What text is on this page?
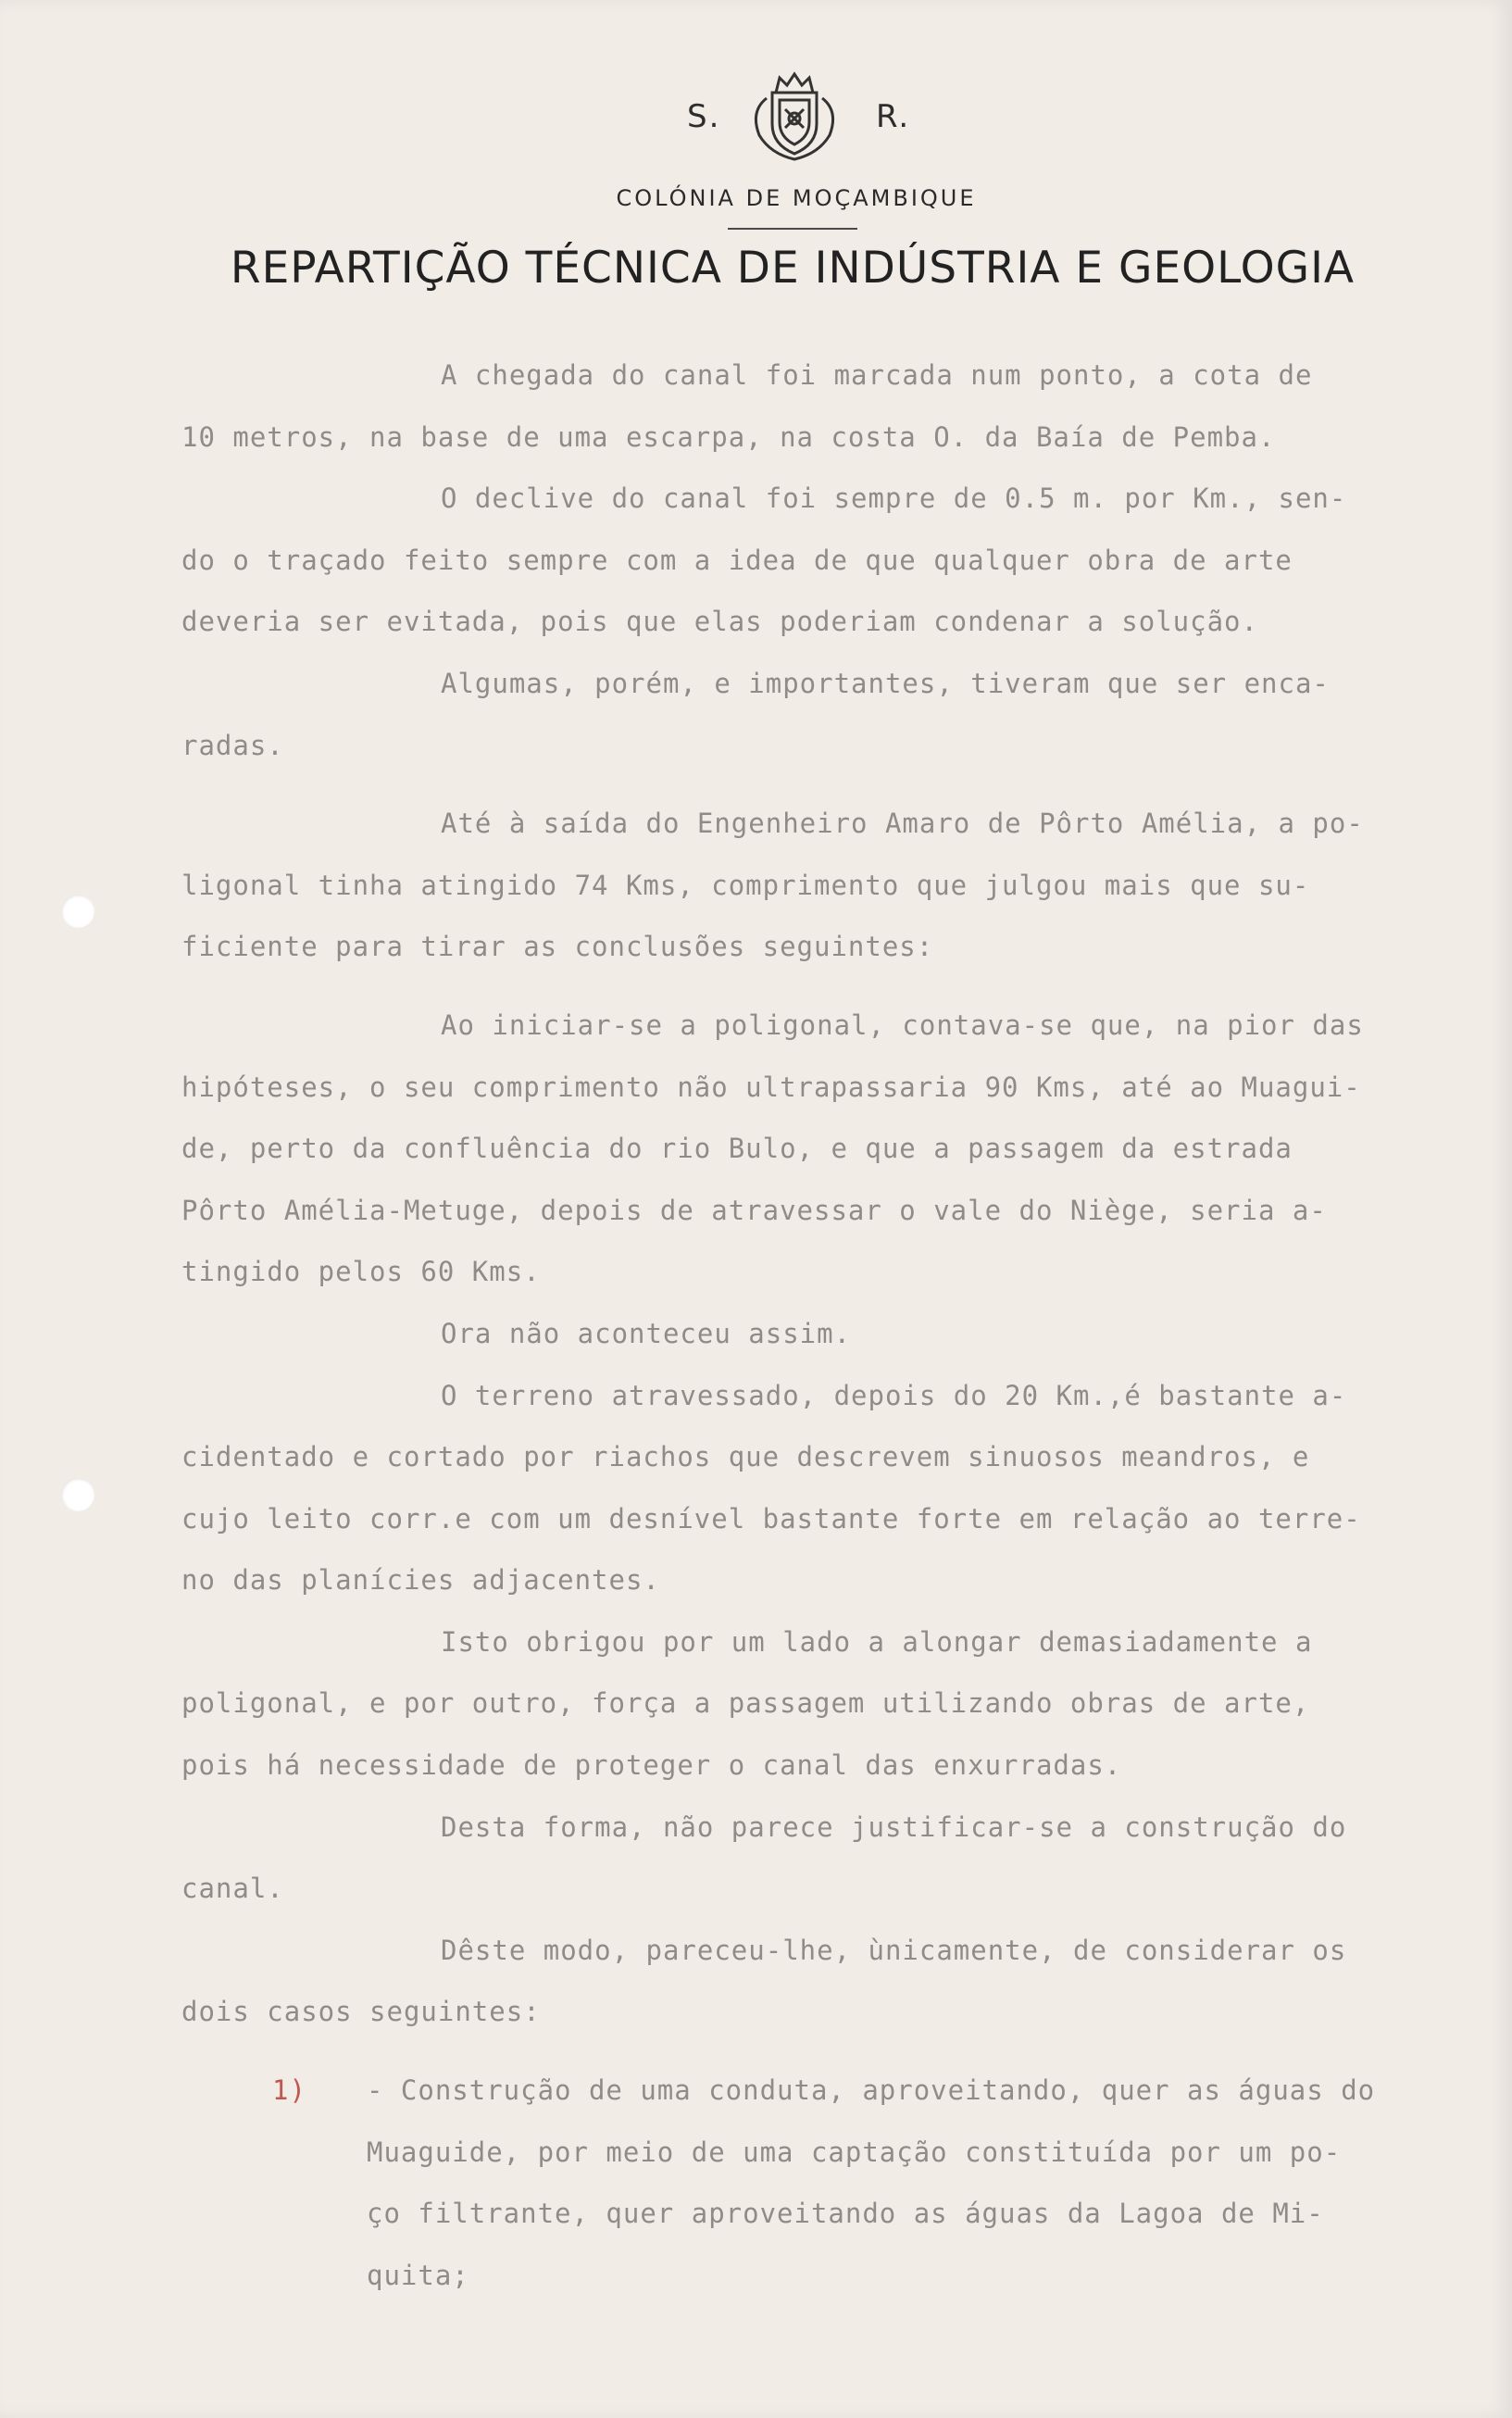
S.	R.
COLÓNIA DE MOÇAMBIQUE
REPARTIÇÃO TÉCNICA DE INDÚSTRIA E GEOLOGIA

A chegada do canal foi marcada num ponto, a cota de

10 metros, na base de uma escarpa, na costa O. da Baía de Pemba.

O declive do canal foi sempre de 0.5 m. por Km., sen-

do o traçado feito sempre com a idea de que qualquer obra de arte

deveria ser evitada, pois que elas poderiam condenar a solução.

Algumas, porém, e importantes, tiveram que ser enca-

radas.

Até à saída do Engenheiro Amaro de Pôrto Amélia, a po-

ligonal tinha atingido 74 Kms, comprimento que julgou mais que su-

ficiente para tirar as conclusões seguintes:

Ao iniciar-se a poligonal, contava-se que, na pior das

hipóteses, o seu comprimento não ultrapassaria 90 Kms, até ao Muagui-

de, perto da confluência do rio Bulo, e que a passagem da estrada

Pôrto Amélia-Metuge, depois de atravessar o vale do Niège, seria a-

tingido pelos 60 Kms.

Ora não aconteceu assim.

O terreno atravessado, depois do 20 Km.,é bastante a-

cidentado e cortado por riachos que descrevem sinuosos meandros, e

cujo leito corr.e com um desnível bastante forte em relação ao terre-

no das planícies adjacentes.

Isto obrigou por um lado a alongar demasiadamente a

poligonal, e por outro, força a passagem utilizando obras de arte,

pois há necessidade de proteger o canal das enxurradas.

Desta forma, não parece justificar-se a construção do

canal.

Dêste modo, pareceu-lhe, ùnicamente, de considerar os

dois casos seguintes:

1) - Construção de uma conduta, aproveitando, quer as águas do

Muaguide, por meio de uma captação constituída por um po-

ço filtrante, quer aproveitando as águas da Lagoa de Mi-

quita;
